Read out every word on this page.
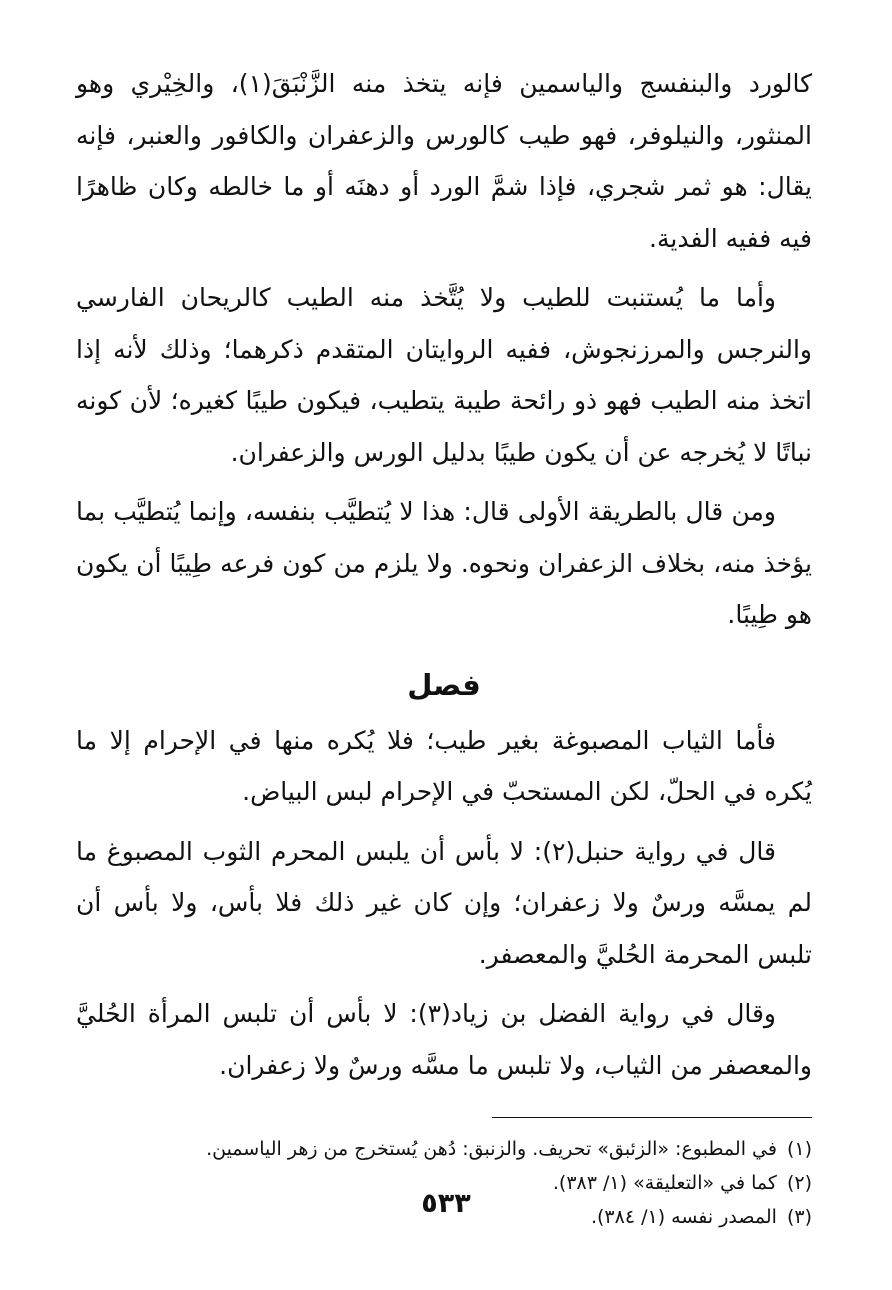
كالورد والبنفسج والياسمين فإنه يتخذ منه الزَّنْبَقَ(١)، والخِيْري وهو المنثور، والنيلوفر، فهو طيب كالورس والزعفران والكافور والعنبر، فإنه يقال: هو ثمر شجري، فإذا شمَّ الورد أو دهنَه أو ما خالطه وكان ظاهرًا فيه ففيه الفدية.

وأما ما يُستنبت للطيب ولا يُتَّخذ منه الطيب كالريحان الفارسي والنرجس والمرزنجوش، ففيه الروايتان المتقدم ذكرهما؛ وذلك لأنه إذا اتخذ منه الطيب فهو ذو رائحة طيبة يتطيب، فيكون طيبًا كغيره؛ لأن كونه نباتًا لا يُخرجه عن أن يكون طيبًا بدليل الورس والزعفران.

ومن قال بالطريقة الأولى قال: هذا لا يُتطيَّب بنفسه، وإنما يُتطيَّب بما يؤخذ منه، بخلاف الزعفران ونحوه. ولا يلزم من كون فرعه طِيبًا أن يكون هو طِيبًا.

فصل

فأما الثياب المصبوغة بغير طيب؛ فلا يُكره منها في الإحرام إلا ما يُكره في الحلّ، لكن المستحبّ في الإحرام لبس البياض.

قال في رواية حنبل(٢): لا بأس أن يلبس المحرم الثوب المصبوغ ما لم يمسَّه ورسٌ ولا زعفران؛ وإن كان غير ذلك فلا بأس، ولا بأس أن تلبس المحرمة الحُليَّ والمعصفر.

وقال في رواية الفضل بن زياد(٣): لا بأس أن تلبس المرأة الحُليَّ والمعصفر من الثياب، ولا تلبس ما مسَّه ورسٌ ولا زعفران.

(١)في المطبوع: «الزئبق» تحريف. والزنبق: دُهن يُستخرج من زهر الياسمين.
(٢)كما في «التعليقة» (١/ ٣٨٣).
(٣)المصدر نفسه (١/ ٣٨٤).
٥٣٣
